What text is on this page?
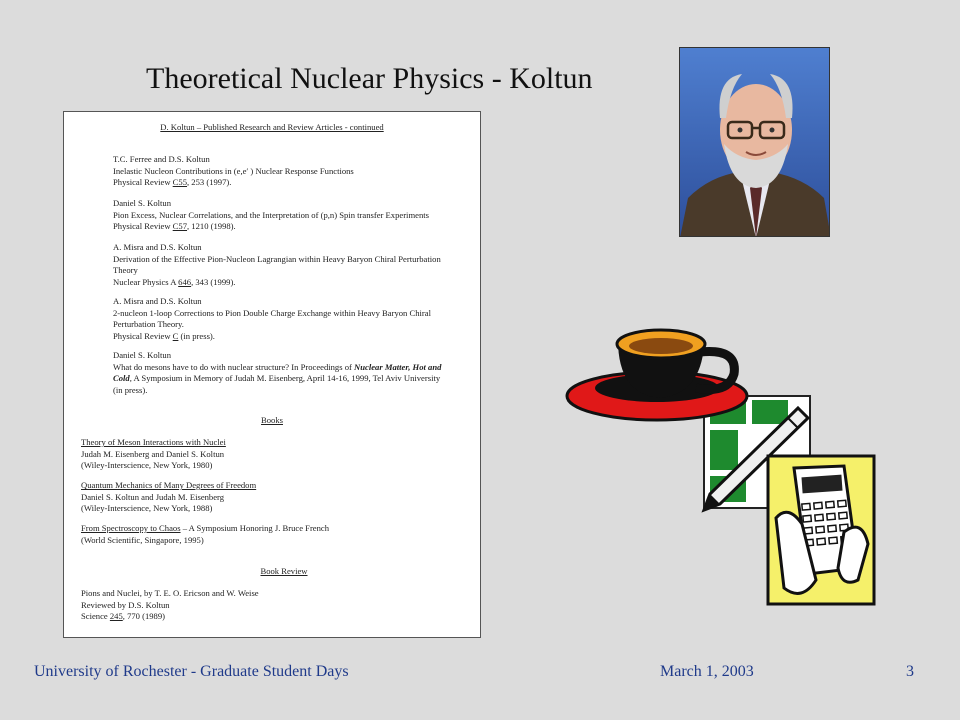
Theoretical Nuclear Physics - Koltun
D. Koltun – Published Research and Review Articles - continued
T.C. Ferree and D.S. Koltun
Inelastic Nucleon Contributions in (e,e′ ) Nuclear Response Functions
Physical Review C55, 253 (1997).
Daniel S. Koltun
Pion Excess, Nuclear Correlations, and the Interpretation of (p,n) Spin transfer Experiments
Physical Review C57, 1210 (1998).
A. Misra and D.S. Koltun
Derivation of the Effective Pion-Nucleon Lagrangian within Heavy Baryon Chiral Perturbation
Theory
Nuclear Physics A 646, 343 (1999).
A. Misra and D.S. Koltun
2-nucleon 1-loop Corrections to Pion Double Charge Exchange within Heavy Baryon Chiral
Perturbation Theory.
Physical Review C (in press).
Daniel S. Koltun
What do mesons have to do with nuclear structure? In Proceedings of Nuclear Matter, Hot and
Cold, A Symposium in Memory of Judah M. Eisenberg, April 14-16, 1999, Tel Aviv University
(in press).
Books
Theory of Meson Interactions with Nuclei
Judah M. Eisenberg and Daniel S. Koltun
(Wiley-Interscience, New York, 1980)
Quantum Mechanics of Many Degrees of Freedom
Daniel S. Koltun and Judah M. Eisenberg
(Wiley-Interscience, New York, 1988)
From Spectroscopy to Chaos – A Symposium Honoring J. Bruce French
(World Scientific, Singapore, 1995)
Book Review
Pions and Nuclei, by T. E. O. Ericson and W. Weise
Reviewed by D.S. Koltun
Science 245, 770 (1989)
University of Rochester - Graduate Student Days	March 1, 2003	3
